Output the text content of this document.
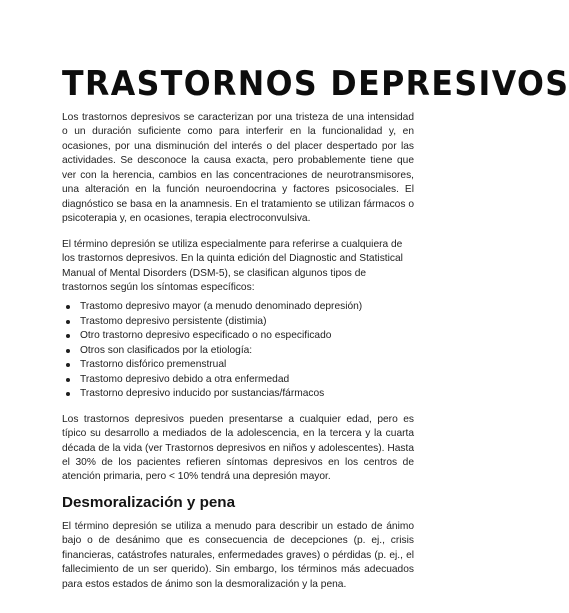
TRASTORNOS DEPRESIVOS

Los trastornos depresivos se caracterizan por una tristeza de una intensidad o un duración suficiente como para interferir en la funcionalidad y, en ocasiones, por una disminución del interés o del placer despertado por las actividades. Se desconoce la causa exacta, pero probablemente tiene que ver con la herencia, cambios en las concentraciones de neurotransmisores, una alteración en la función neuroendocrina y factores psicosociales. El diagnóstico se basa en la anamnesis. En el tratamiento se utilizan fármacos o psicoterapia y, en ocasiones, terapia electroconvulsiva.

El término depresión se utiliza especialmente para referirse a cualquiera de los trastornos depresivos. En la quinta edición del Diagnostic and Statistical Manual of Mental Disorders (DSM-5), se clasifican algunos tipos de trastornos según los síntomas específicos:

Trastomo depresivo mayor (a menudo denominado depresión)
Trastomo depresivo persistente (distimia)
Otro trastorno depresivo especificado o no especificado
Otros son clasificados por la etiología:
Trastorno disfórico premenstrual
Trastomo depresivo debido a otra enfermedad
Trastorno depresivo inducido por sustancias/fármacos

Los trastornos depresivos pueden presentarse a cualquier edad, pero es típico su desarrollo a mediados de la adolescencia, en la tercera y la cuarta década de la vida (ver Trastornos depresivos en niños y adolescentes). Hasta el 30% de los pacientes refieren síntomas depresivos en los centros de atención primaria, pero < 10% tendrá una depresión mayor.

Desmoralización y pena

El término depresión se utiliza a menudo para describir un estado de ánimo bajo o de desánimo que es consecuencia de decepciones (p. ej., crisis financieras, catástrofes naturales, enfermedades graves) o pérdidas (p. ej., el fallecimiento de un ser querido). Sin embargo, los términos más adecuados para estos estados de ánimo son la desmoralización y la pena.
